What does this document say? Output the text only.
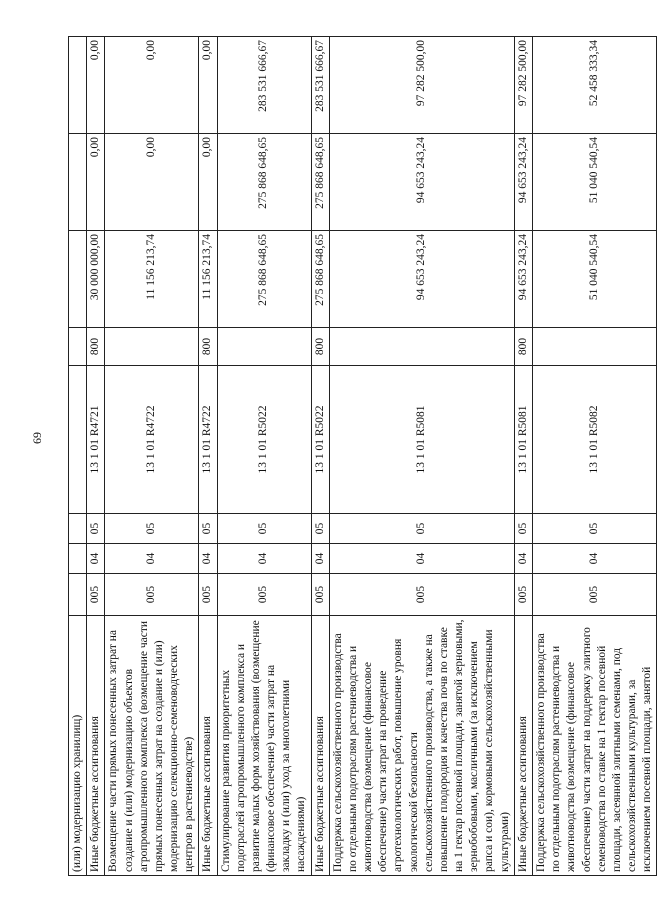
69
(или) модернизацию хранилищ)								
Иные бюджетные ассигнования	005	04	05	13 1 01 R4721	800	30 000 000,00	0,00	0,00
Возмещение части прямых понесенных затрат на создание и (или) модернизацию объектов агропромышленного комплекса (возмещение части прямых понесенных затрат на создание и (или) модернизацию селекционно-семеноводческих центров в растениеводстве)	005	04	05	13 1 01 R4722		11 156 213,74	0,00	0,00
Иные бюджетные ассигнования	005	04	05	13 1 01 R4722	800	11 156 213,74	0,00	0,00
Стимулирование развития приоритетных подотраслей агропромышленного комплекса и развитие малых форм хозяйствования (возмещение (финансовое обеспечение) части затрат на закладку и (или) уход за многолетними насаждениями)	005	04	05	13 1 01 R5022		275 868 648,65	275 868 648,65	283 531 666,67
Иные бюджетные ассигнования	005	04	05	13 1 01 R5022	800	275 868 648,65	275 868 648,65	283 531 666,67
Поддержка сельскохозяйственного производства по отдельным подотраслям растениеводства и животноводства (возмещение (финансовое обеспечение) части затрат на проведение агротехнологических работ, повышение уровня экологической безопасности сельскохозяйственного производства, а также на повышение плодородия и качества почв по ставке на 1 гектар посевной площади, занятой зерновыми, зернобобовыми, масличными (за исключением рапса и сои), кормовыми сельскохозяйственными культурами)	005	04	05	13 1 01 R5081		94 653 243,24	94 653 243,24	97 282 500,00
Иные бюджетные ассигнования	005	04	05	13 1 01 R5081	800	94 653 243,24	94 653 243,24	97 282 500,00
Поддержка сельскохозяйственного производства по отдельным подотраслям растениеводства и животноводства (возмещение (финансовое обеспечение) части затрат на поддержку элитного семеноводства по ставке на 1 гектар посевной площади, засеянной элитными семенами, под сельскохозяйственными культурами, за исключением посевной площади, занятой	005	04	05	13 1 01 R5082		51 040 540,54	51 040 540,54	52 458 333,34
